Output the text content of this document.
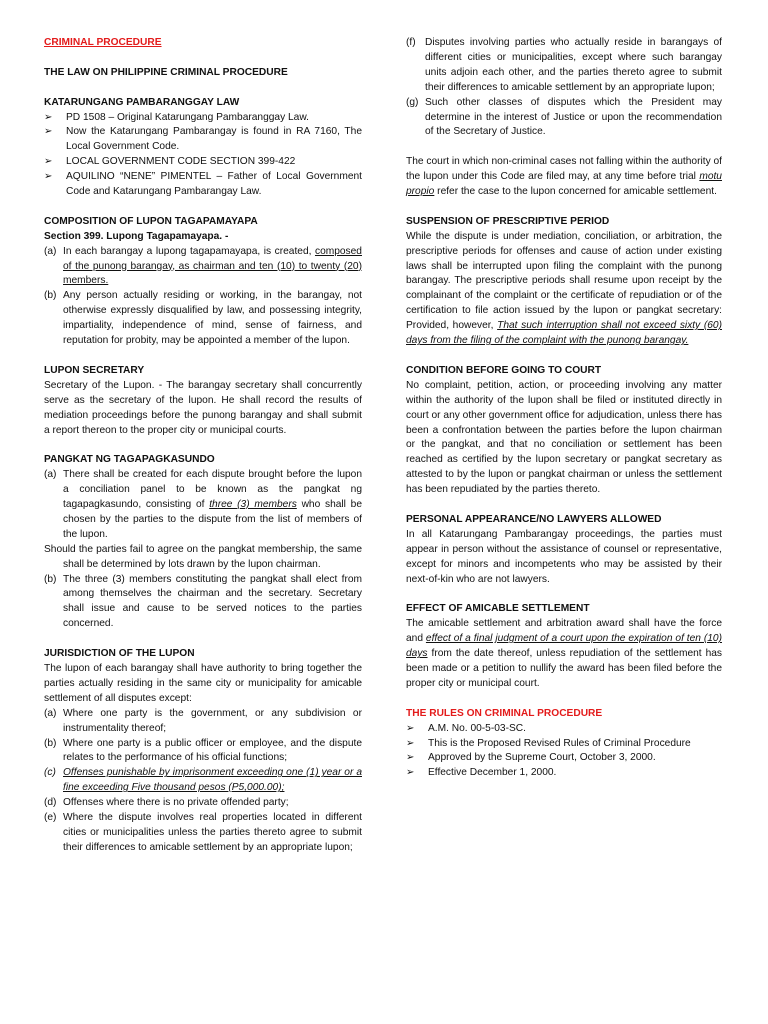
CRIMINAL PROCEDURE

THE LAW ON PHILIPPINE CRIMINAL PROCEDURE

KATARUNGANG PAMBARANGGAY LAW

➢	PD 1508 – Original Katarungang Pambaranggay Law.
➢	Now the Katarungang Pambarangay is found in RA 7160, The Local Government Code.
➢	LOCAL GOVERNMENT CODE SECTION 399-422
➢	AQUILINO “NENE” PIMENTEL – Father of Local Government Code and Katarungang Pambarangay Law.

COMPOSITION OF LUPON TAGAPAMAYAPA

Section 399. Lupong Tagapamayapa. -

(a) In each barangay a lupong tagapamayapa, is created, composed of the punong barangay, as chairman and ten (10) to twenty (20) members.
(b) Any person actually residing or working, in the barangay, not otherwise expressly disqualified by law, and possessing integrity, impartiality, independence of mind, sense of fairness, and reputation for probity, may be appointed a member of the lupon.

LUPON SECRETARY

Secretary of the Lupon. - The barangay secretary shall concurrently serve as the secretary of the lupon. He shall record the results of mediation proceedings before the punong barangay and shall submit a report thereon to the proper city or municipal courts.

PANGKAT NG TAGAPAGKASUNDO

(a) There shall be created for each dispute brought before the lupon a conciliation panel to be known as the pangkat ng tagapagkasundo, consisting of three (3) members who shall be chosen by the parties to the dispute from the list of members of the lupon.

Should the parties fail to agree on the pangkat membership, the same shall be determined by lots drawn by the lupon chairman.

(b) The three (3) members constituting the pangkat shall elect from among themselves the chairman and the secretary. Secretary shall issue and cause to be served notices to the parties concerned.

JURISDICTION OF THE LUPON

The lupon of each barangay shall have authority to bring together the parties actually residing in the same city or municipality for amicable settlement of all disputes except:

(a) Where one party is the government, or any subdivision or instrumentality thereof;
(b) Where one party is a public officer or employee, and the dispute relates to the performance of his official functions;
(c) Offenses punishable by imprisonment exceeding one (1) year or a fine exceeding Five thousand pesos (P5,000.00);
(d) Offenses where there is no private offended party;
(e) Where the dispute involves real properties located in different cities or municipalities unless the parties thereto agree to submit their differences to amicable settlement by an appropriate lupon;
(f) Disputes involving parties who actually reside in barangays of different cities or municipalities, except where such barangay units adjoin each other, and the parties thereto agree to submit their differences to amicable settlement by an appropriate lupon;
(g) Such other classes of disputes which the President may determine in the interest of Justice or upon the recommendation of the Secretary of Justice.

The court in which non-criminal cases not falling within the authority of the lupon under this Code are filed may, at any time before trial motu propio refer the case to the lupon concerned for amicable settlement.

SUSPENSION OF PRESCRIPTIVE PERIOD

While the dispute is under mediation, conciliation, or arbitration, the prescriptive periods for offenses and cause of action under existing laws shall be interrupted upon filing the complaint with the punong barangay. The prescriptive periods shall resume upon receipt by the complainant of the complaint or the certificate of repudiation or of the certification to file action issued by the lupon or pangkat secretary: Provided, however, That such interruption shall not exceed sixty (60) days from the filing of the complaint with the punong barangay.

CONDITION BEFORE GOING TO COURT

No complaint, petition, action, or proceeding involving any matter within the authority of the lupon shall be filed or instituted directly in court or any other government office for adjudication, unless there has been a confrontation between the parties before the lupon chairman or the pangkat, and that no conciliation or settlement has been reached as certified by the lupon secretary or pangkat secretary as attested to by the lupon or pangkat chairman or unless the settlement has been repudiated by the parties thereto.

PERSONAL APPEARANCE/NO LAWYERS ALLOWED

In all Katarungang Pambarangay proceedings, the parties must appear in person without the assistance of counsel or representative, except for minors and incompetents who may be assisted by their next-of-kin who are not lawyers.

EFFECT OF AMICABLE SETTLEMENT

The amicable settlement and arbitration award shall have the force and effect of a final judgment of a court upon the expiration of ten (10) days from the date thereof, unless repudiation of the settlement has been made or a petition to nullify the award has been filed before the proper city or municipal court.

THE RULES ON CRIMINAL PROCEDURE

➢	A.M. No. 00-5-03-SC.
➢	This is the Proposed Revised Rules of Criminal Procedure
➢	Approved by the Supreme Court, October 3, 2000.
➢	Effective December 1, 2000.
